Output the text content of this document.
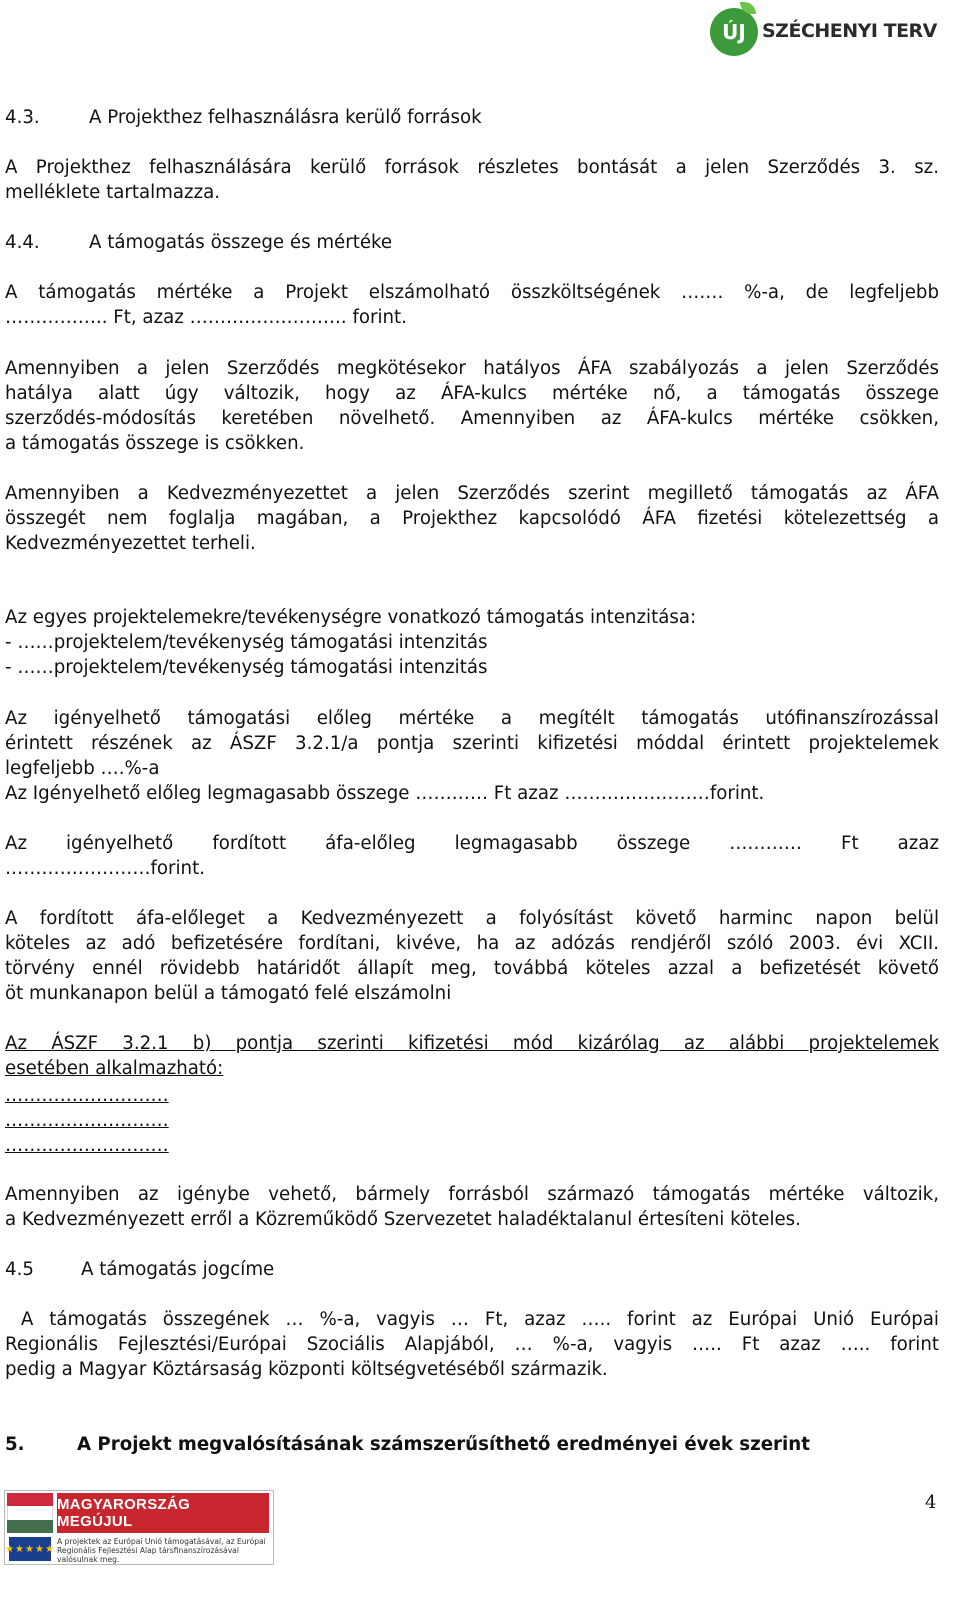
ÚJ SZÉCHENYI TERV
4.3.	A Projekthez felhasználásra kerülő források
A Projekthez felhasználására kerülő források részletes bontását a jelen Szerződés 3. sz.
melléklete tartalmazza.
4.4.	A támogatás összege és mértéke
A támogatás mértéke a Projekt elszámolható összköltségének ……. %-a, de legfeljebb
…………….. Ft, azaz …………………….. forint.
Amennyiben a jelen Szerződés megkötésekor hatályos ÁFA szabályozás a jelen Szerződés
hatálya alatt úgy változik, hogy az ÁFA-kulcs mértéke nő, a támogatás összege
szerződés-módosítás keretében növelhető. Amennyiben az ÁFA-kulcs mértéke csökken,
a támogatás összege is csökken.
Amennyiben a Kedvezményezettet a jelen Szerződés szerint megillető támogatás az ÁFA
összegét nem foglalja magában, a Projekthez kapcsolódó ÁFA fizetési kötelezettség a
Kedvezményezettet terheli.
Az egyes projektelemekre/tevékenységre vonatkozó támogatás intenzitása:
- ……projektelem/tevékenység támogatási intenzitás
- ……projektelem/tevékenység támogatási intenzitás
Az igényelhető támogatási előleg mértéke a megítélt támogatás utófinanszírozással
érintett részének az ÁSZF 3.2.1/a pontja szerinti kifizetési móddal érintett projektelemek
legfeljebb ….%-a
Az Igényelhető előleg legmagasabb összege ………… Ft azaz ……………………forint.
Az igényelhető fordított áfa-előleg legmagasabb összege ………… Ft azaz
……………………forint.
A fordított áfa-előleget a Kedvezményezett a folyósítást követő harminc napon belül
köteles az adó befizetésére fordítani, kivéve, ha az adózás rendjéről szóló 2003. évi XCII.
törvény ennél rövidebb határidőt állapít meg, továbbá köteles azzal a befizetését követő
öt munkanapon belül a támogató felé elszámolni
Az ÁSZF 3.2.1 b) pontja szerinti kifizetési mód kizárólag az alábbi projektelemek
esetében alkalmazható:
………………………
………………………
………………………
Amennyiben az igénybe vehető, bármely forrásból származó támogatás mértéke változik,
a Kedvezményezett erről a Közreműködő Szervezetet haladéktalanul értesíteni köteles.
4.5	A támogatás jogcíme
A támogatás összegének … %-a, vagyis … Ft, azaz ….. forint az Európai Unió Európai
Regionális Fejlesztési/Európai Szociális Alapjából, … %-a, vagyis ….. Ft azaz ….. forint
pedig a Magyar Köztársaság központi költségvetéséből származik.
5.	A Projekt megvalósításának számszerűsíthető eredményei évek szerint
4
★★★★★
MAGYARORSZÁG MEGÚJUL
A projektek az Európai Unió támogatásával, az Európai
Regionális Fejlesztési Alap társfinanszírozásával valósulnak meg.
